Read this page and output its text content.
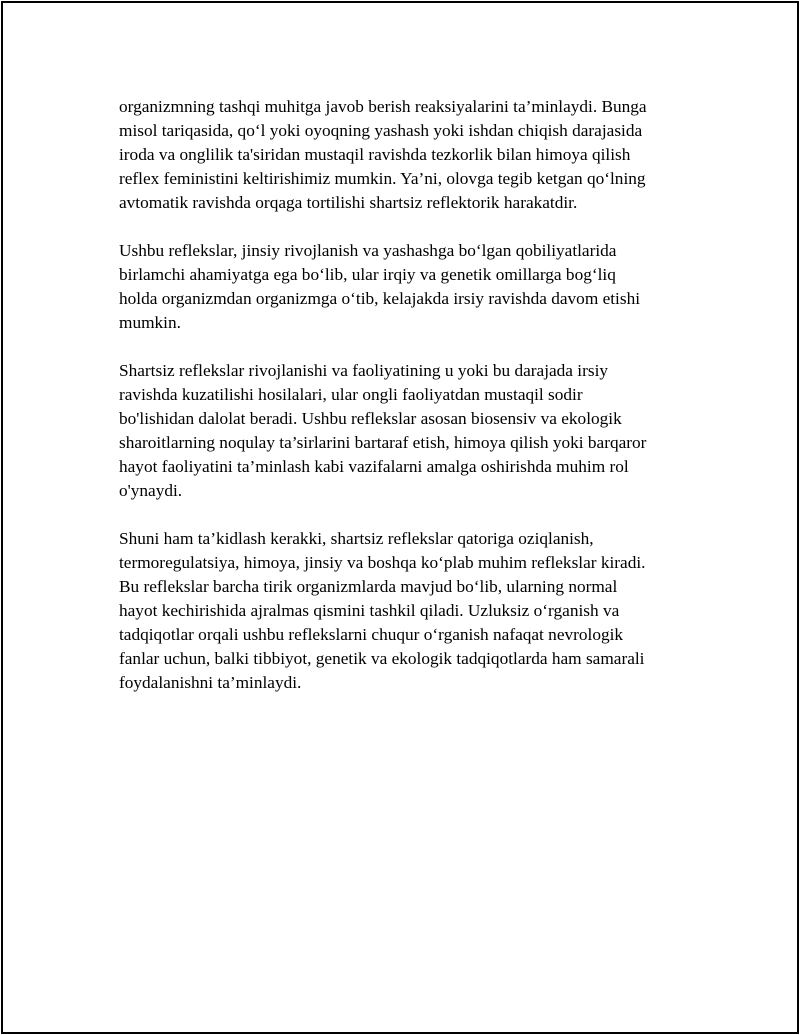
organizmning tashqi muhitga javob berish reaksiyalarini ta’minlaydi. Bunga
misol tariqasida, qo‘l yoki oyoqning yashash yoki ishdan chiqish darajasida
iroda va onglilik ta'siridan mustaqil ravishda tezkorlik bilan himoya qilish
reflex feministini keltirishimiz mumkin. Ya’ni, olovga tegib ketgan qo‘lning
avtomatik ravishda orqaga tortilishi shartsiz reflektorik harakatdir.

Ushbu reflekslar, jinsiy rivojlanish va yashashga bo‘lgan qobiliyatlarida
birlamchi ahamiyatga ega bo‘lib, ular irqiy va genetik omillarga bog‘liq
holda organizmdan organizmga o‘tib, kelajakda irsiy ravishda davom etishi
mumkin.

Shartsiz reflekslar rivojlanishi va faoliyatining u yoki bu darajada irsiy
ravishda kuzatilishi hosilalari, ular ongli faoliyatdan mustaqil sodir
bo'lishidan dalolat beradi. Ushbu reflekslar asosan biosensiv va ekologik
sharoitlarning noqulay ta’sirlarini bartaraf etish, himoya qilish yoki barqaror
hayot faoliyatini ta’minlash kabi vazifalarni amalga oshirishda muhim rol
o'ynaydi.

Shuni ham ta’kidlash kerakki, shartsiz reflekslar qatoriga oziqlanish,
termoregulatsiya, himoya, jinsiy va boshqa ko‘plab muhim reflekslar kiradi.
Bu reflekslar barcha tirik organizmlarda mavjud bo‘lib, ularning normal
hayot kechirishida ajralmas qismini tashkil qiladi. Uzluksiz o‘rganish va
tadqiqotlar orqali ushbu reflekslarni chuqur o‘rganish nafaqat nevrologik
fanlar uchun, balki tibbiyot, genetik va ekologik tadqiqotlarda ham samarali
foydalanishni ta’minlaydi.
